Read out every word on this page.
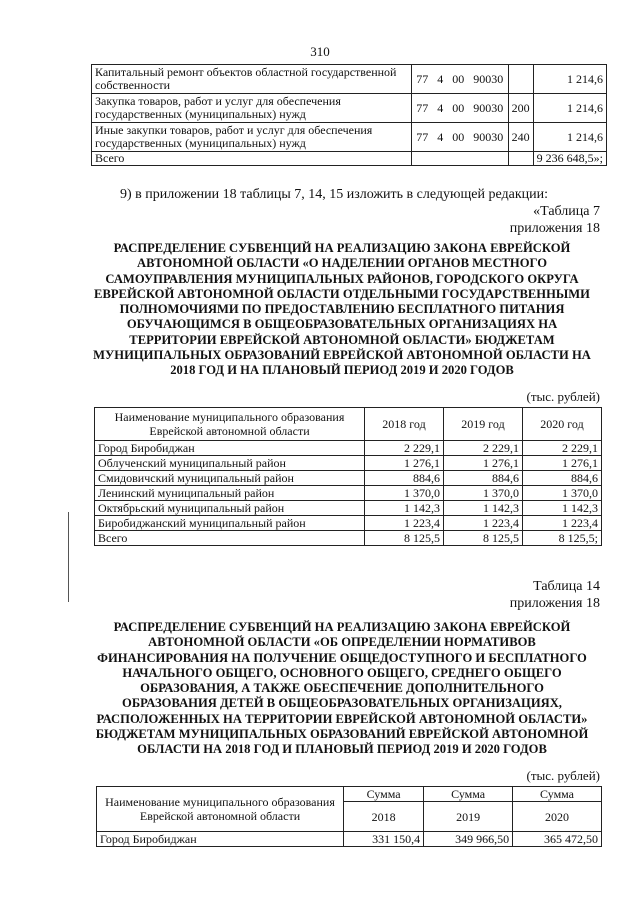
310
Капитальный ремонт объектов областной государственной собственности	77 4 00 90030		1 214,6
Закупка товаров, работ и услуг для обеспечения государственных (муниципальных) нужд	77 4 00 90030	200	1 214,6
Иные закупки товаров, работ и услуг для обеспечения государственных (муниципальных) нужд	77 4 00 90030	240	1 214,6
Всего			9 236 648,5»;
9) в приложении 18 таблицы 7, 14, 15 изложить в следующей редакции:
«Таблица 7
приложения 18
РАСПРЕДЕЛЕНИЕ СУБВЕНЦИЙ НА РЕАЛИЗАЦИЮ ЗАКОНА ЕВРЕЙСКОЙ АВТОНОМНОЙ ОБЛАСТИ «О НАДЕЛЕНИИ ОРГАНОВ МЕСТНОГО САМОУПРАВЛЕНИЯ МУНИЦИПАЛЬНЫХ РАЙОНОВ, ГОРОДСКОГО ОКРУГА ЕВРЕЙСКОЙ АВТОНОМНОЙ ОБЛАСТИ ОТДЕЛЬНЫМИ ГОСУДАРСТВЕННЫМИ ПОЛНОМОЧИЯМИ ПО ПРЕДОСТАВЛЕНИЮ БЕСПЛАТНОГО ПИТАНИЯ ОБУЧАЮЩИМСЯ В ОБЩЕОБРАЗОВАТЕЛЬНЫХ ОРГАНИЗАЦИЯХ НА ТЕРРИТОРИИ ЕВРЕЙСКОЙ АВТОНОМНОЙ ОБЛАСТИ» БЮДЖЕТАМ МУНИЦИПАЛЬНЫХ ОБРАЗОВАНИЙ ЕВРЕЙСКОЙ АВТОНОМНОЙ ОБЛАСТИ НА 2018 ГОД И НА ПЛАНОВЫЙ ПЕРИОД 2019 И 2020 ГОДОВ
(тыс. рублей)
Наименование муниципального образования Еврейской автономной области	2018 год	2019 год	2020 год
Город Биробиджан	2 229,1	2 229,1	2 229,1
Облученский муниципальный район	1 276,1	1 276,1	1 276,1
Смидовичский муниципальный район	884,6	884,6	884,6
Ленинский муниципальный район	1 370,0	1 370,0	1 370,0
Октябрьский муниципальный район	1 142,3	1 142,3	1 142,3
Биробиджанский муниципальный район	1 223,4	1 223,4	1 223,4
Всего	8 125,5	8 125,5	8 125,5;
Таблица 14
приложения 18
РАСПРЕДЕЛЕНИЕ СУБВЕНЦИЙ НА РЕАЛИЗАЦИЮ ЗАКОНА ЕВРЕЙСКОЙ АВТОНОМНОЙ ОБЛАСТИ «ОБ ОПРЕДЕЛЕНИИ НОРМАТИВОВ ФИНАНСИРОВАНИЯ НА ПОЛУЧЕНИЕ ОБЩЕДОСТУПНОГО И БЕСПЛАТНОГО НАЧАЛЬНОГО ОБЩЕГО, ОСНОВНОГО ОБЩЕГО, СРЕДНЕГО ОБЩЕГО ОБРАЗОВАНИЯ, А ТАКЖЕ ОБЕСПЕЧЕНИЕ ДОПОЛНИТЕЛЬНОГО ОБРАЗОВАНИЯ ДЕТЕЙ В ОБЩЕОБРАЗОВАТЕЛЬНЫХ ОРГАНИЗАЦИЯХ, РАСПОЛОЖЕННЫХ НА ТЕРРИТОРИИ ЕВРЕЙСКОЙ АВТОНОМНОЙ ОБЛАСТИ» БЮДЖЕТАМ МУНИЦИПАЛЬНЫХ ОБРАЗОВАНИЙ ЕВРЕЙСКОЙ АВТОНОМНОЙ ОБЛАСТИ НА 2018 ГОД И ПЛАНОВЫЙ ПЕРИОД 2019 И 2020 ГОДОВ
(тыс. рублей)
Наименование муниципального образования Еврейской автономной области	Сумма	Сумма	Сумма
	2018	2019	2020
Город Биробиджан	331 150,4	349 966,50	365 472,50
